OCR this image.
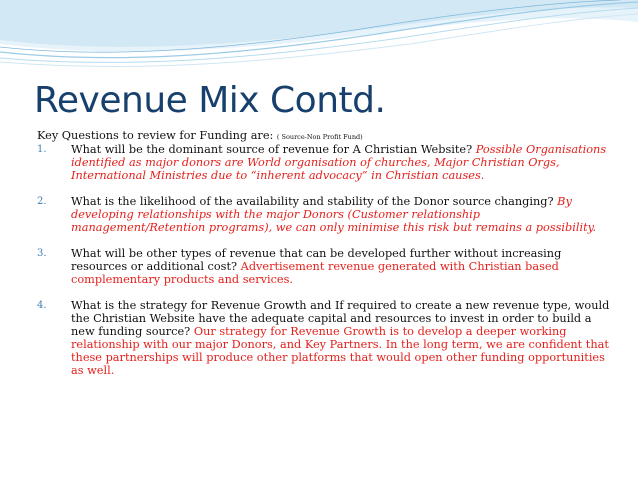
Revenue Mix Contd.

Key Questions to review for Funding are: ( Source-Non Profit Fund)

1.	What will be the dominant source of revenue for A Christian Website? Possible Organisations identified as major donors are World organisation of churches, Major Christian Orgs, International Ministries due to “inherent advocacy” in Christian causes.
2.	What is the likelihood of the availability and stability of the Donor source changing? By developing relationships with the major Donors (Customer relationship management/Retention programs), we can only minimise this risk but remains a possibility.
3.	What will be other types of revenue that can be developed further without increasing resources or additional cost? Advertisement revenue generated with Christian based complementary products and services.
4.	What is the strategy for Revenue Growth and If required to create a new revenue type, would the Christian Website have the adequate capital and resources to invest in order to build a new funding source? Our strategy for Revenue Growth is to develop a deeper working relationship with our major Donors, and Key Partners. In the long term, we are confident that these partnerships will produce other platforms that would open other funding opportunities as well.
